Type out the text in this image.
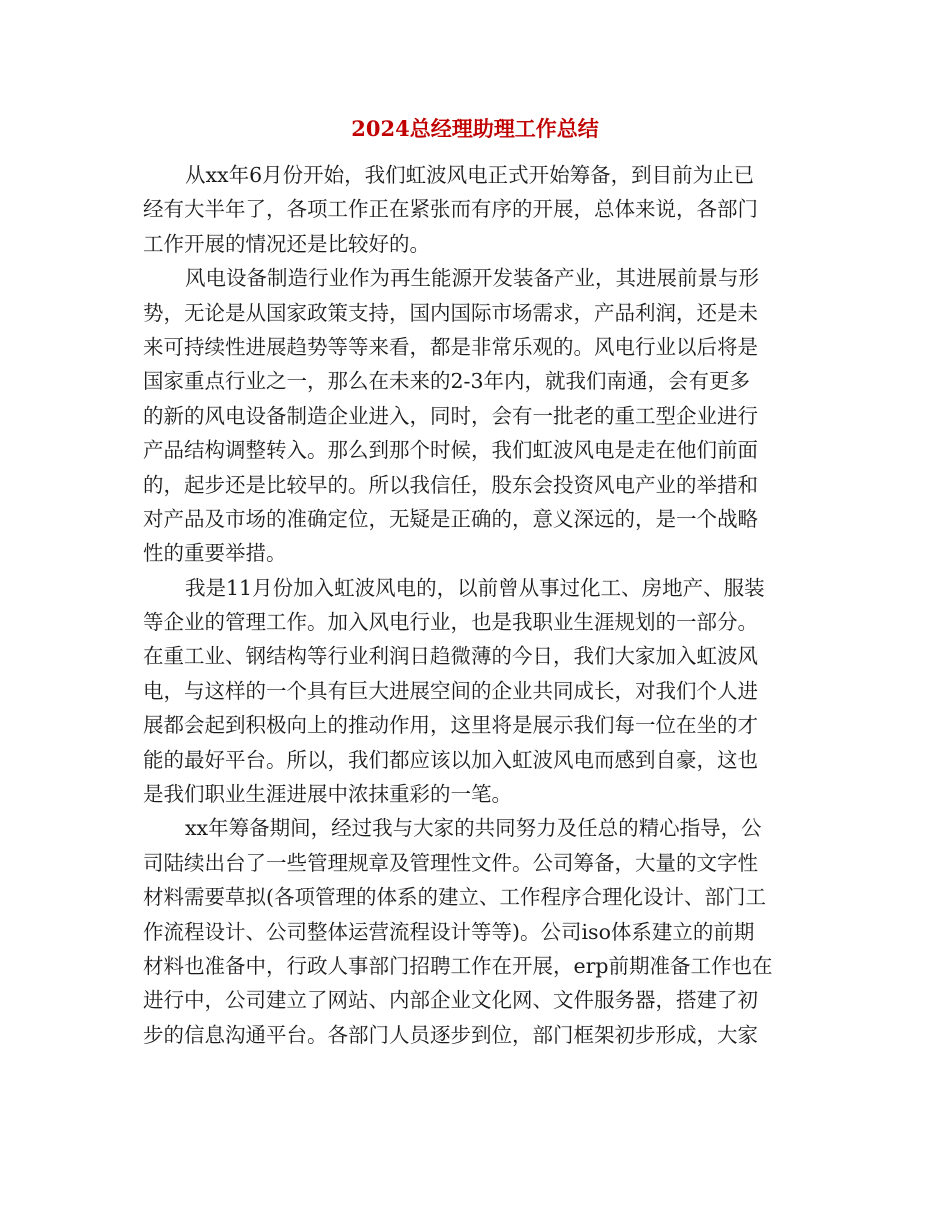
2024总经理助理工作总结
从xx年6月份开始，我们虹波风电正式开始筹备，到目前为止已
经有大半年了，各项工作正在紧张而有序的开展，总体来说，各部门
工作开展的情况还是比较好的。
风电设备制造行业作为再生能源开发装备产业，其进展前景与形
势，无论是从国家政策支持，国内国际市场需求，产品利润，还是未
来可持续性进展趋势等等来看，都是非常乐观的。风电行业以后将是
国家重点行业之一，那么在未来的2-3年内，就我们南通，会有更多
的新的风电设备制造企业进入，同时，会有一批老的重工型企业进行
产品结构调整转入。那么到那个时候，我们虹波风电是走在他们前面
的，起步还是比较早的。所以我信任，股东会投资风电产业的举措和
对产品及市场的准确定位，无疑是正确的，意义深远的，是一个战略
性的重要举措。
我是11月份加入虹波风电的，以前曾从事过化工、房地产、服装
等企业的管理工作。加入风电行业，也是我职业生涯规划的一部分。
在重工业、钢结构等行业利润日趋微薄的今日，我们大家加入虹波风
电，与这样的一个具有巨大进展空间的企业共同成长，对我们个人进
展都会起到积极向上的推动作用，这里将是展示我们每一位在坐的才
能的最好平台。所以，我们都应该以加入虹波风电而感到自豪，这也
是我们职业生涯进展中浓抹重彩的一笔。
xx年筹备期间，经过我与大家的共同努力及任总的精心指导，公
司陆续出台了一些管理规章及管理性文件。公司筹备，大量的文字性
材料需要草拟(各项管理的体系的建立、工作程序合理化设计、部门工
作流程设计、公司整体运营流程设计等等)。公司iso体系建立的前期
材料也准备中，行政人事部门招聘工作在开展，erp前期准备工作也在
进行中，公司建立了网站、内部企业文化网、文件服务器，搭建了初
步的信息沟通平台。各部门人员逐步到位，部门框架初步形成，大家
